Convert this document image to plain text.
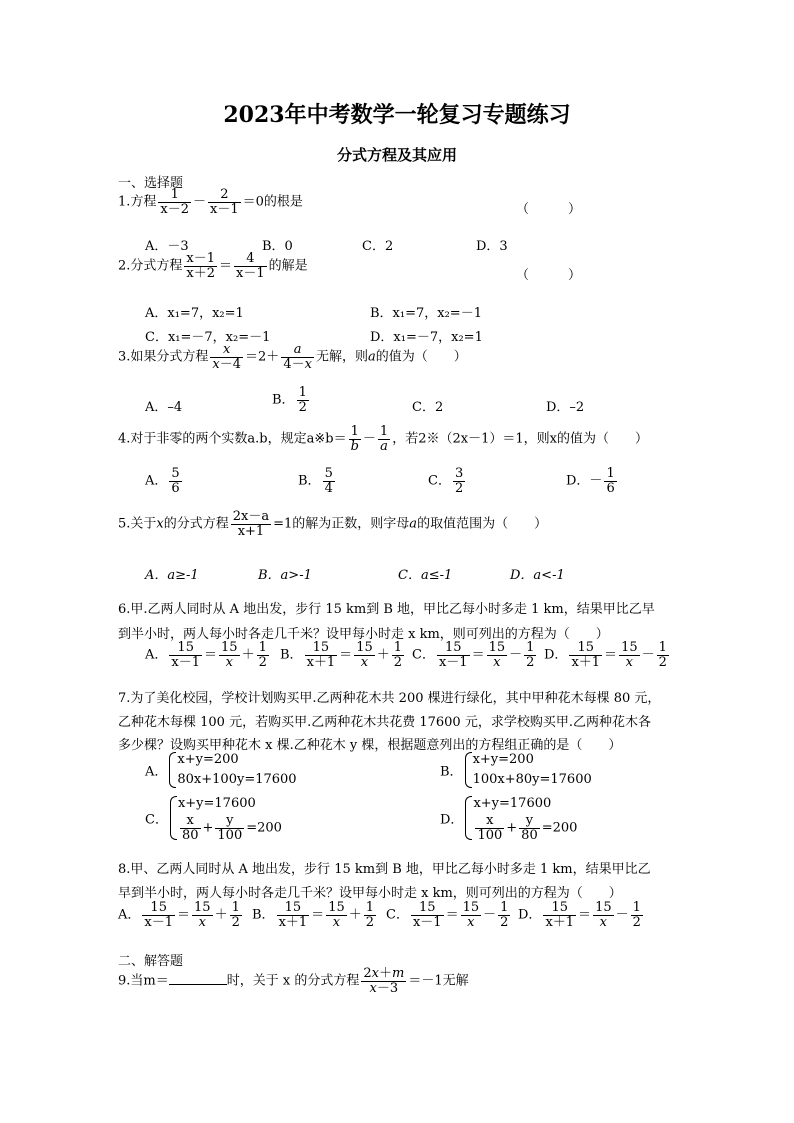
2023年中考数学一轮复习专题练习
分式方程及其应用
一、选择题
1.方程 $\frac{1}{x-2} - \frac{2}{x-1} =0$的根是	（　　　）
A．－3	B．0	C．2	D．3
2.分式方程 $\frac{x-1}{x+2} = \frac{4}{x-1}$ 的解是
（　　　）
A．x₁=7，x₂=1	B．x₁=7，x₂=－1
C．x₁=－7，x₂=－1	D．x₁=－7，x₂=1
3.如果分式方程 $\frac{x}{x-4} =2+ \frac{a}{4-x}$ 无解，则a的值为（　　）
A．–4	B． $\frac{1}{2}$	C．2	D．–2
4.对于非零的两个实数a.b，规定a※b＝ $\frac{1}{b} - \frac{1}{a}$ ，若2※（2x－1）＝1，则x的值为（　　）
A． $\frac{5}{6}$	B． $\frac{5}{4}$	C． $\frac{3}{2}$	D．－ $\frac{1}{6}$
5.关于x的分式方程 $\frac{2x-a}{x+1} =1$的解为正数，则字母a的取值范围为（　　）
A．a≥-1	B．a>-1	C．a≤-1	D．a<-1
6.甲.乙两人同时从 A 地出发，步行 15 km到 B 地，甲比乙每小时多走 1 km，结果甲比乙早
到半小时，两人每小时各走几千米？设甲每小时走 x km，则可列出的方程为（　　）
A． $\frac{15}{x-1} = \frac{15}{x} + \frac{1}{2}$ B． $\frac{15}{x+1} = \frac{15}{x} + \frac{1}{2}$ C． $\frac{15}{x-1} = \frac{15}{x} - \frac{1}{2}$ D． $\frac{15}{x+1} = \frac{15}{x} - \frac{1}{2}$
7.为了美化校园，学校计划购买甲.乙两种花木共 200 棵进行绿化，其中甲种花木每棵 80 元，
乙种花木每棵 100 元，若购买甲.乙两种花木共花费 17600 元，求学校购买甲.乙两种花木各
多少棵？设购买甲种花木 x 棵.乙种花木 y 棵，根据题意列出的方程组正确的是（　　）
A．
x+y=200
80x+100y=17600	B．
x+y=200
100x+80y=17600
C．
x+y=17600
$\frac{x}{80} + \frac{y}{100} =200$
D．
x+y=17600
$\frac{x}{100} + \frac{y}{80} =200$
8.甲、乙两人同时从 A 地出发，步行 15 km到 B 地，甲比乙每小时多走 1 km，结果甲比乙
早到半小时，两人每小时各走几千米？设甲每小时走 x km，则可列出的方程为（　　）
A． $\frac{15}{x-1} = \frac{15}{x} + \frac{1}{2}$ B． $\frac{15}{x+1} = \frac{15}{x} + \frac{1}{2}$ C． $\frac{15}{x-1} = \frac{15}{x} - \frac{1}{2}$ D． $\frac{15}{x+1} = \frac{15}{x} - \frac{1}{2}$
二、解答题
9.当m＝	时，关于 x 的分式方程 $\frac{2x+m}{x-3} =-1$无解
